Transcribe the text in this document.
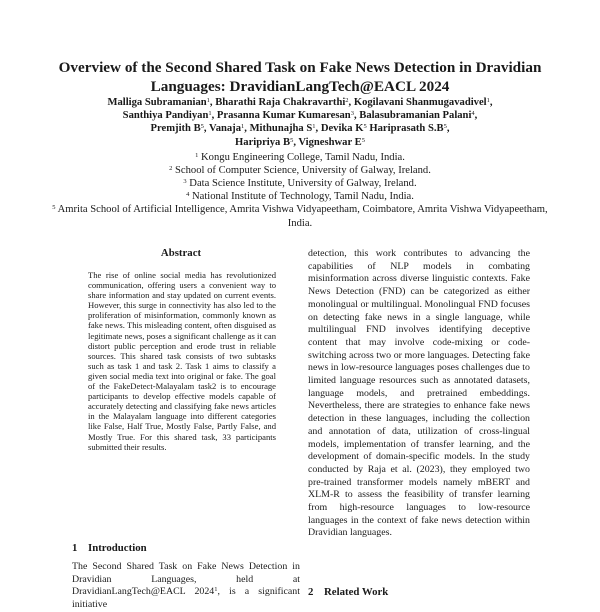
Overview of the Second Shared Task on Fake News Detection in Dravidian Languages: DravidianLangTech@EACL 2024
Malliga Subramanian$^1$, Bharathi Raja Chakravarthi$^2$, Kogilavani Shanmugavadivel$^1$,
Santhiya Pandiyan$^1$, Prasanna Kumar Kumaresan$^3$, Balasubramanian Palani$^4$,
Premjith $B^5$, Vanaja$^1$, Mithunajha $S^1$, Devika $K^5$ Hariprasath $S.B^5$,
Haripriya $B^5$, Vigneshwar $E^5$
$^1$ Kongu Engineering College, Tamil Nadu, India.
$^2$ School of Computer Science, University of Galway, Ireland.
$^3$ Data Science Institute, University of Galway, Ireland.
$^4$ National Institute of Technology, Tamil Nadu, India.
$^5$ Amrita School of Artificial Intelligence, Amrita Vishwa Vidyapeetham, Coimbatore, Amrita Vishwa Vidyapeetham, India.
Abstract
The rise of online social media has revolutionized communication, offering users a convenient way to share information and stay updated on current events. However, this surge in connectivity has also led to the proliferation of misinformation, commonly known as fake news. This misleading content, often disguised as legitimate news, poses a significant challenge as it can distort public perception and erode trust in reliable sources. This shared task consists of two subtasks such as task 1 and task 2. Task 1 aims to classify a given social media text into original or fake. The goal of the FakeDetect-Malayalam task2 is to encourage participants to develop effective models capable of accurately detecting and classifying fake news articles in the Malayalam language into different categories like False, Half True, Mostly False, Partly False, and Mostly True. For this shared task, 33 participants submitted their results.
1 Introduction
The Second Shared Task on Fake News Detection in Dravidian Languages, held at DravidianLangTech@EACL 2024$^1$, is a significant initiative
detection, this work contributes to advancing the capabilities of NLP models in combating misinformation across diverse linguistic contexts. Fake News Detection (FND) can be categorized as either monolingual or multilingual. Monolingual FND focuses on detecting fake news in a single language, while multilingual FND involves identifying deceptive content that may involve code-mixing or code-switching across two or more languages. Detecting fake news in low-resource languages poses challenges due to limited language resources such as annotated datasets, language models, and pretrained embeddings. Nevertheless, there are strategies to enhance fake news detection in these languages, including the collection and annotation of data, utilization of cross-lingual models, implementation of transfer learning, and the development of domain-specific models. In the study conducted by Raja et al. (2023), they employed two pre-trained transformer models namely mBERT and XLM-R to assess the feasibility of transfer learning from high-resource languages to low-resource languages in the context of fake news detection within Dravidian languages.
2 Related Work
